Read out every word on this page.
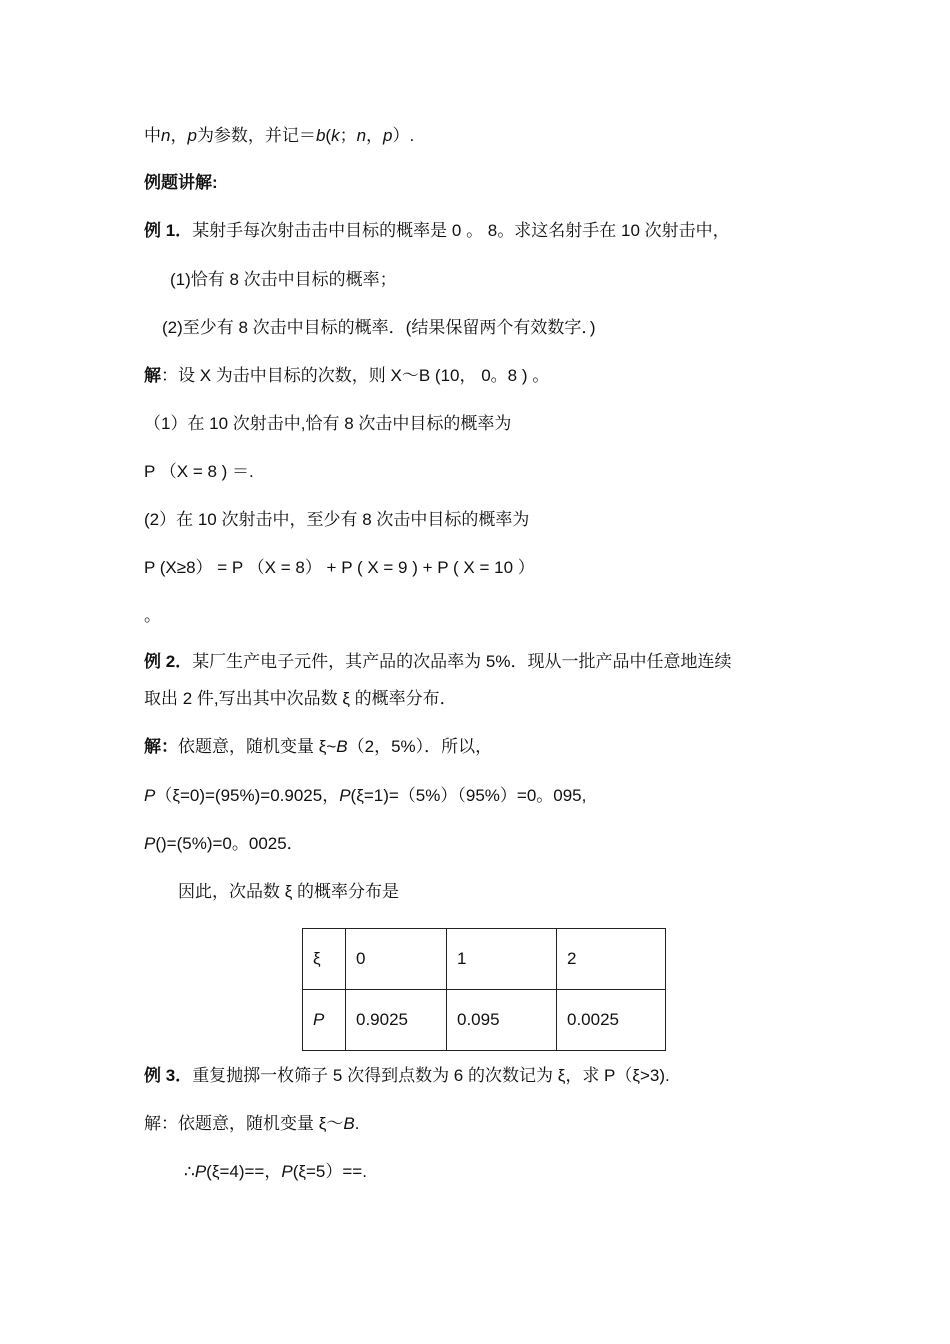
中n，p为参数，并记＝b(k；n，p）.
例题讲解:
例 1．某射手每次射击击中目标的概率是 0 。 8。求这名射手在 10 次射击中，
(1)恰有 8 次击中目标的概率；
(2)至少有 8 次击中目标的概率．(结果保留两个有效数字．)
解：设 X 为击中目标的次数，则 X～B (10， 0。8 ) 。
（1）在 10 次射击中,恰有 8 次击中目标的概率为
P （X = 8 ) ＝.
(2）在 10 次射击中，至少有 8 次击中目标的概率为
P (X≥8） = P （X = 8） + P ( X = 9 ) + P ( X = 10 ）
。
例 2．某厂生产电子元件，其产品的次品率为 5%．现从一批产品中任意地连续
取出 2 件,写出其中次品数 ξ 的概率分布．
解：依题意，随机变量 ξ~B（2，5%）．所以，
P（ξ=0)=(95%)=0.9025，P(ξ=1)=（5%）（95%）=0。095,
P()=(5%)=0。0025．
因此，次品数 ξ 的概率分布是
ξ	0	1	2
P	0.9025	0.095	0.0025
例 3．重复抛掷一枚筛子 5 次得到点数为 6 的次数记为 ξ，求 P（ξ>3).
解：依题意，随机变量 ξ～B.
∴P(ξ=4)==，P(ξ=5）==.
